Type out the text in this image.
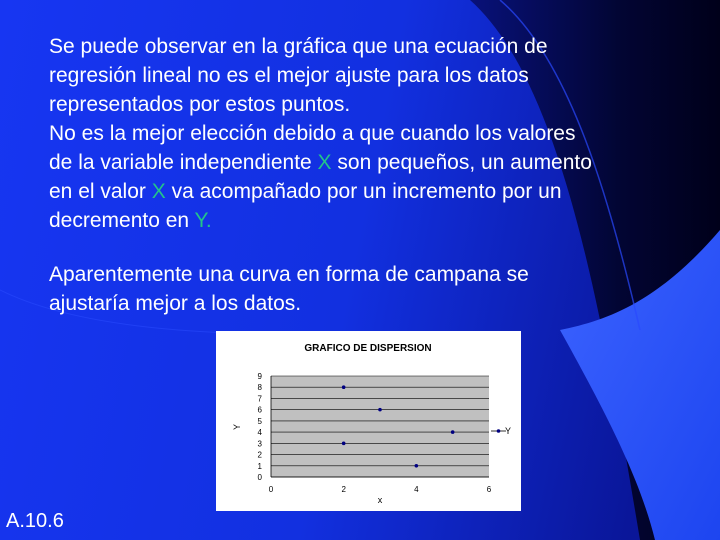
Se puede observar en la gráfica que una ecuación de
regresión lineal no es el mejor ajuste para los datos
representados por estos puntos.
No es la mejor elección debido a que cuando los valores
de la variable independiente X son pequeños, un aumento
en el valor X va acompañado por un incremento por un
decremento en Y.
Aparentemente una curva en forma de campana se
ajustaría mejor a los datos.
0
1
2
3
4
5
6
7
8
9
0	2	4	6
GRAFICO DE DISPERSION
x
Y	Y
A.10.6
